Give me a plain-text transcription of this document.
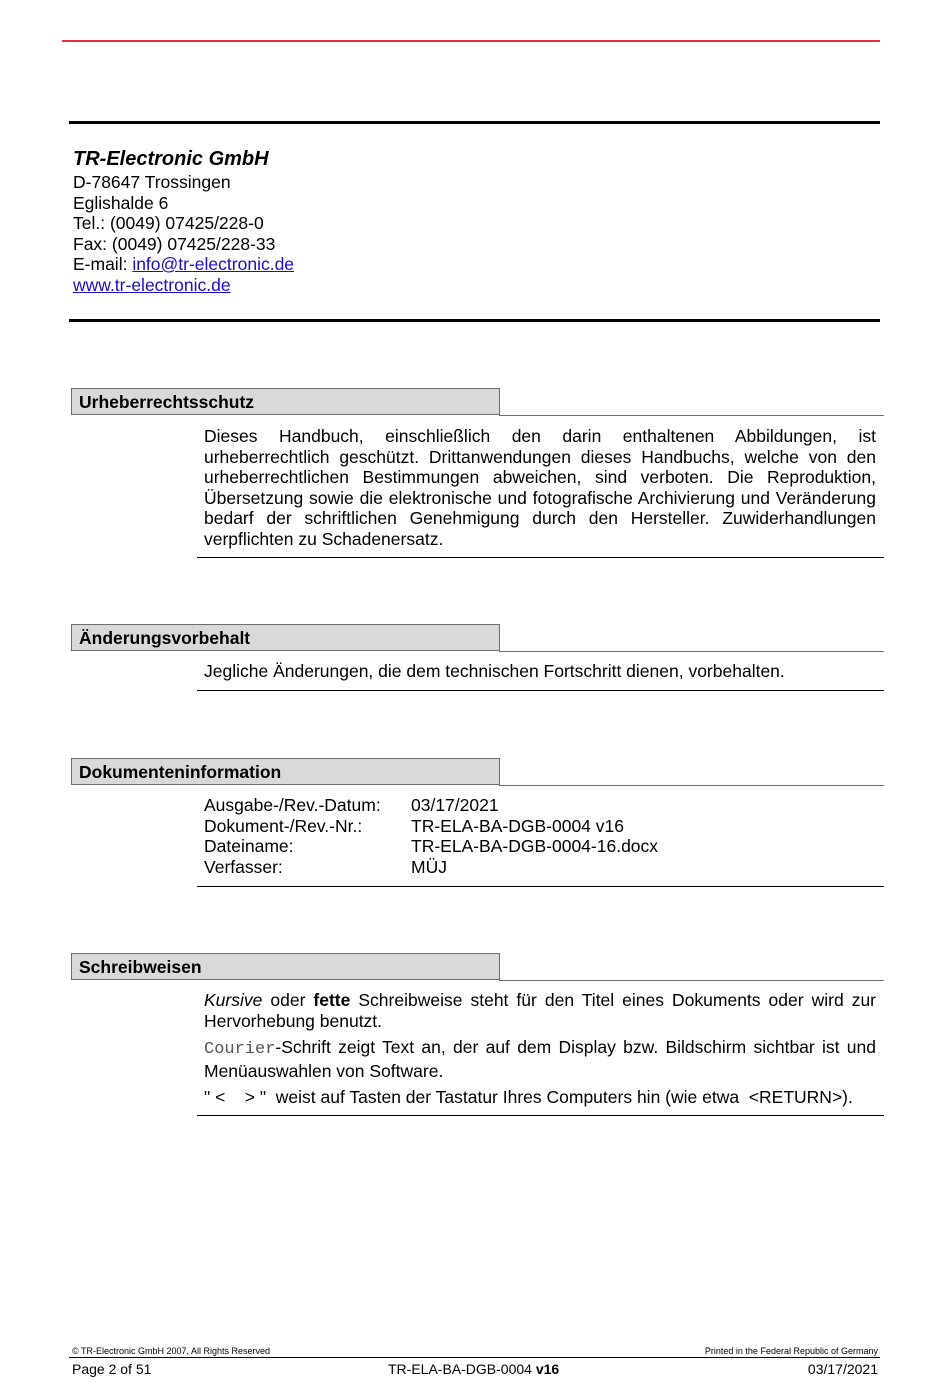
TR-Electronic GmbH
D-78647 Trossingen
Eglishalde 6
Tel.: (0049) 07425/228-0
Fax: (0049) 07425/228-33
E-mail: info@tr-electronic.de
www.tr-electronic.de
Urheberrechtsschutz
Dieses Handbuch, einschließlich den darin enthaltenen Abbildungen, ist urheberrechtlich geschützt. Drittanwendungen dieses Handbuchs, welche von den urheberrechtlichen Bestimmungen abweichen, sind verboten. Die Reproduktion, Übersetzung sowie die elektronische und fotografische Archivierung und Veränderung bedarf der schriftlichen Genehmigung durch den Hersteller. Zuwiderhandlungen verpflichten zu Schadenersatz.
Änderungsvorbehalt
Jegliche Änderungen, die dem technischen Fortschritt dienen, vorbehalten.
Dokumenteninformation
Ausgabe-/Rev.-Datum:	03/17/2021
Dokument-/Rev.-Nr.:	TR-ELA-BA-DGB-0004 v16
Dateiname:	TR-ELA-BA-DGB-0004-16.docx
Verfasser:	MÜJ
Schreibweisen
Kursive oder fette Schreibweise steht für den Titel eines Dokuments oder wird zur Hervorhebung benutzt.
Courier-Schrift zeigt Text an, der auf dem Display bzw. Bildschirm sichtbar ist und Menüauswahlen von Software.
" <    > "  weist auf Tasten der Tastatur Ihres Computers hin (wie etwa  <RETURN>).
© TR-Electronic GmbH 2007, All Rights Reserved	Printed in the Federal Republic of Germany
Page 2 of 51	TR-ELA-BA-DGB-0004 v16	03/17/2021
